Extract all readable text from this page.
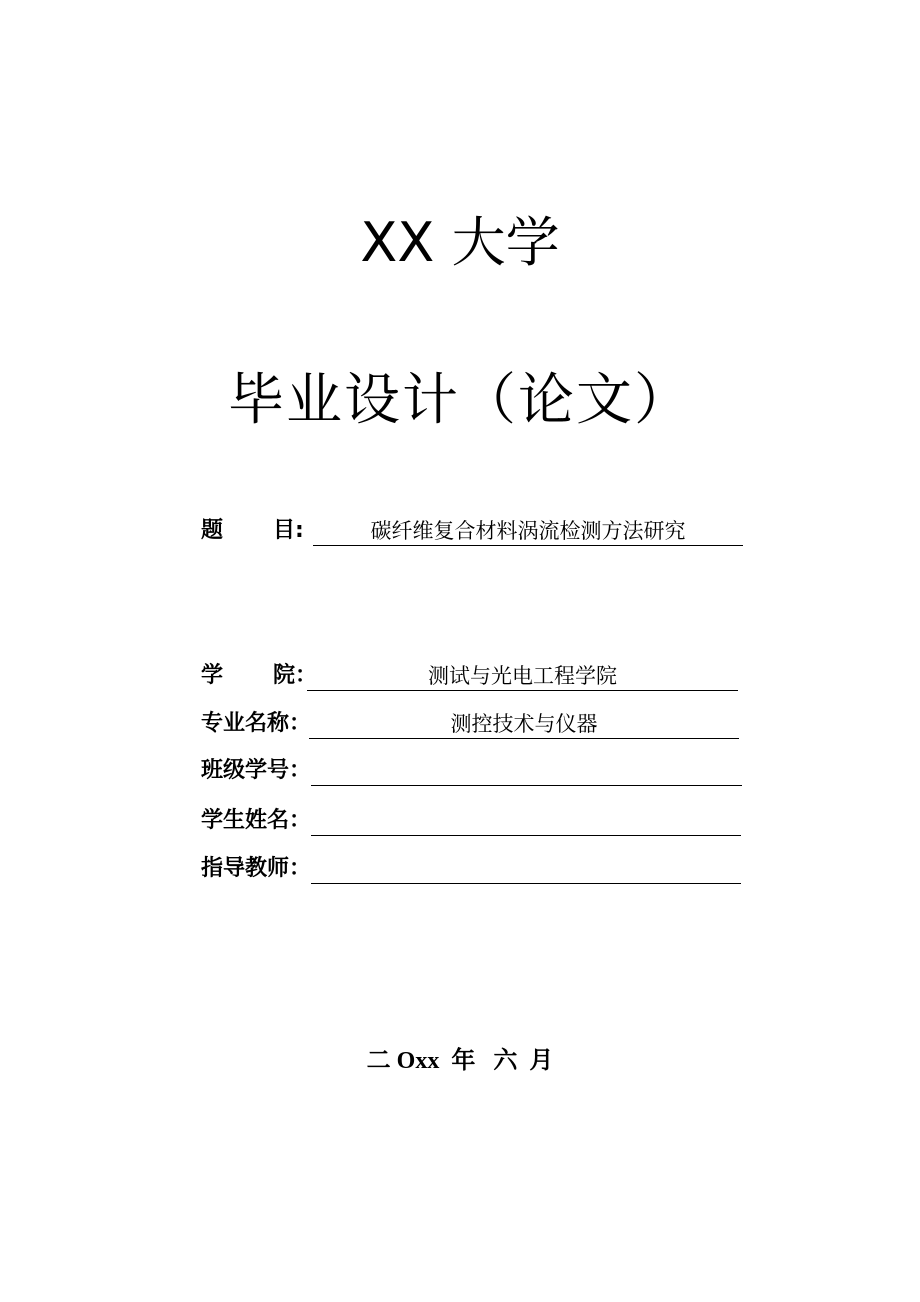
XX 大学
毕业设计（论文）
题 目:	碳纤维复合材料涡流检测方法研究
学 院：	测试与光电工程学院
专业名称：	测控技术与仪器
班级学号：
学生姓名：
指导教师：
二 Oxx  年   六  月
